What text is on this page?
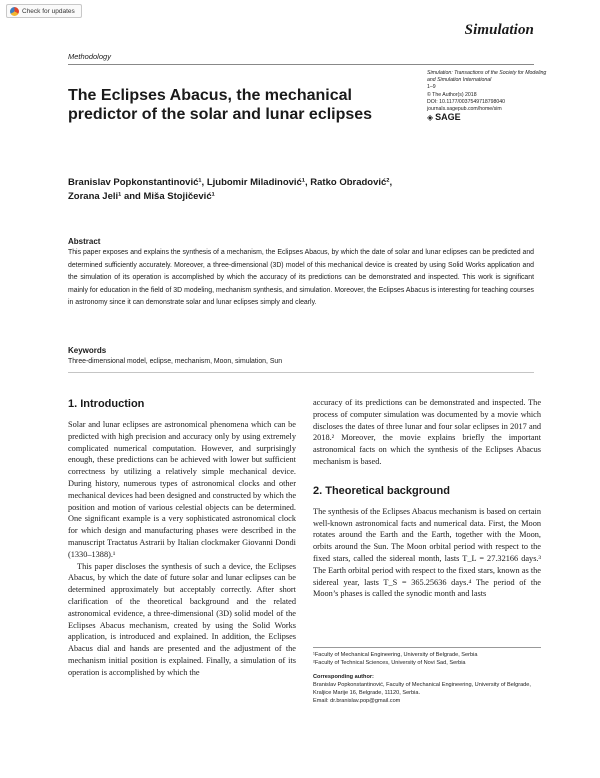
Check for updates
Simulation
Methodology
Simulation: Transactions of the Society for Modeling and Simulation International
1–9
© The Author(s) 2018
DOI: 10.1177/0037549718798040
journals.sagepub.com/home/sim
◈ SAGE
The Eclipses Abacus, the mechanical predictor of the solar and lunar eclipses
Branislav Popkonstantinović¹, Ljubomir Miladinović¹, Ratko Obradović²,
Zorana Jeli¹ and Miša Stojičević¹
Abstract

This paper exposes and explains the synthesis of a mechanism, the Eclipses Abacus, by which the date of solar and lunar eclipses can be predicted and determined sufficiently accurately. Moreover, a three-dimensional (3D) model of this mechanical device is created by using Solid Works application and the simulation of its operation is accomplished by which the accuracy of its predictions can be demonstrated and inspected. This work is significant mainly for education in the field of 3D modeling, mechanism synthesis, and simulation. Moreover, the Eclipses Abacus is interesting for teaching courses in astronomy since it can demonstrate solar and lunar eclipses simply and clearly.

Keywords

Three-dimensional model, eclipse, mechanism, Moon, simulation, Sun

1. Introduction

Solar and lunar eclipses are astronomical phenomena which can be predicted with high precision and accuracy only by using extremely complicated numerical computation. However, and surprisingly enough, these predictions can be achieved with lower but sufficient correctness by utilizing a relatively simple mechanical device. During history, numerous types of astronomical clocks and other mechanical devices had been designed and constructed by which the position and motion of various celestial objects can be determined. One significant example is a very sophisticated astronomical clock for which design and manufacturing phases were described in the manuscript Tractatus Astrarii by Italian clockmaker Giovanni Dondi (1330–1388).¹

This paper discloses the synthesis of such a device, the Eclipses Abacus, by which the date of future solar and lunar eclipses can be determined approximately but acceptably correctly. After short clarification of the theoretical background and the related astronomical evidence, a three-dimensional (3D) solid model of the Eclipses Abacus mechanism, created by using the Solid Works application, is introduced and explained. In addition, the Eclipses Abacus dial and hands are presented and the adjustment of the mechanism initial position is explained. Finally, a simulation of its operation is accomplished by which the

accuracy of its predictions can be demonstrated and inspected. The process of computer simulation was documented by a movie which discloses the dates of three lunar and four solar eclipses in 2017 and 2018.² Moreover, the movie explains briefly the important astronomical facts on which the synthesis of the Eclipses Abacus mechanism is based.

2. Theoretical background

The synthesis of the Eclipses Abacus mechanism is based on certain well-known astronomical facts and numerical data. First, the Moon rotates around the Earth and the Earth, together with the Moon, orbits around the Sun. The Moon orbital period with respect to the fixed stars, called the sidereal month, lasts T_L = 27.32166 days.³ The Earth orbital period with respect to the fixed stars, known as the sidereal year, lasts T_S = 365.25636 days.⁴ The period of the Moon’s phases is called the synodic month and lasts

¹Faculty of Mechanical Engineering, University of Belgrade, Serbia
²Faculty of Technical Sciences, University of Novi Sad, Serbia
Corresponding author:
Branislav Popkonstantinović, Faculty of Mechanical Engineering, University of Belgrade, Kraljice Marije 16, Belgrade, 11120, Serbia.
Email: dr.branislav.pop@gmail.com
